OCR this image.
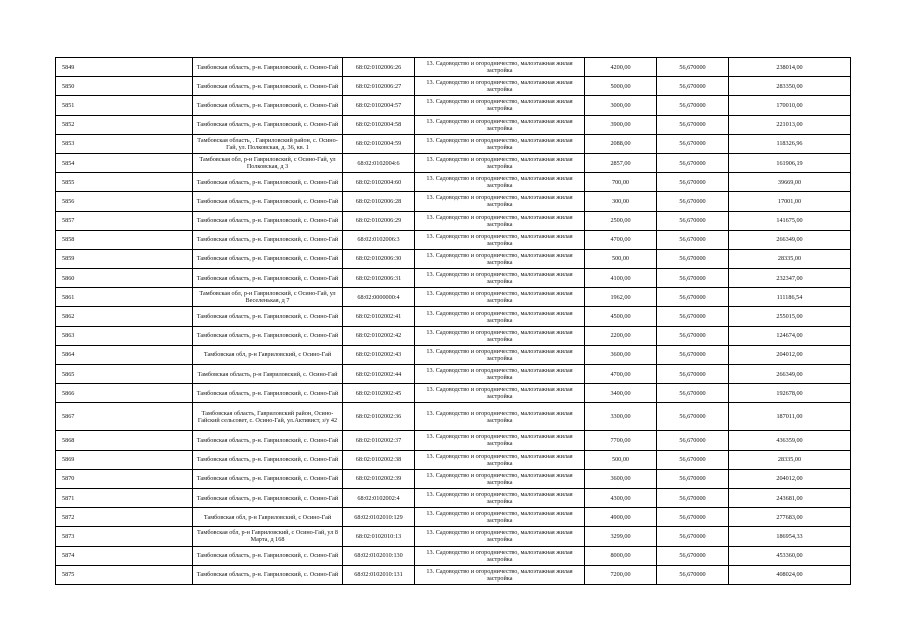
5849	Тамбовская область, р-н. Гавриловский, с. Осино-Гай	68:02:0102006:26	13. Садоводство и огородничество, малоэтажная жилая застройка	4200,00	56,670000	238014,00
5850	Тамбовская область, р-н. Гавриловский, с. Осино-Гай	68:02:0102006:27	13. Садоводство и огородничество, малоэтажная жилая застройка	5000,00	56,670000	283350,00
5851	Тамбовская область, р-н. Гавриловский, с. Осино-Гай	68:02:0102004:57	13. Садоводство и огородничество, малоэтажная жилая застройка	3000,00	56,670000	170010,00
5852	Тамбовская область, р-н. Гавриловский, с. Осино-Гай	68:02:0102004:58	13. Садоводство и огородничество, малоэтажная жилая застройка	3900,00	56,670000	221013,00
5853	Тамбовская область, . Гавриловский район, с. Осино-Гай, ул. Полковская, д. 36, кв. 1	68:02:0102004:59	13. Садоводство и огородничество, малоэтажная жилая застройка	2088,00	56,670000	118326,96
5854	Тамбовская обл, р-н Гавриловский, с Осино-Гай, ул Полковская, д 3	68:02:0102004:6	13. Садоводство и огородничество, малоэтажная жилая застройка	2857,00	56,670000	161906,19
5855	Тамбовская область, р-н. Гавриловский, с. Осино-Гай	68:02:0102004:60	13. Садоводство и огородничество, малоэтажная жилая застройка	700,00	56,670000	39669,00
5856	Тамбовская область, р-н. Гавриловский, с. Осино-Гай	68:02:0102006:28	13. Садоводство и огородничество, малоэтажная жилая застройка	300,00	56,670000	17001,00
5857	Тамбовская область, р-н. Гавриловский, с. Осино-Гай	68:02:0102006:29	13. Садоводство и огородничество, малоэтажная жилая застройка	2500,00	56,670000	141675,00
5858	Тамбовская область, р-н. Гавриловский, с. Осино-Гай	68:02:0102006:3	13. Садоводство и огородничество, малоэтажная жилая застройка	4700,00	56,670000	266349,00
5859	Тамбовская область, р-н. Гавриловский, с. Осино-Гай	68:02:0102006:30	13. Садоводство и огородничество, малоэтажная жилая застройка	500,00	56,670000	28335,00
5860	Тамбовская область, р-н. Гавриловский, с. Осино-Гай	68:02:0102006:31	13. Садоводство и огородничество, малоэтажная жилая застройка	4100,00	56,670000	232347,00
5861	Тамбовская обл, р-н Гавриловский, с Осино-Гай, ул Веселенькая, д 7	68:02:0000000:4	13. Садоводство и огородничество, малоэтажная жилая застройка	1962,00	56,670000	111186,54
5862	Тамбовская область, р-н. Гавриловский, с. Осино-Гай	68:02:0102002:41	13. Садоводство и огородничество, малоэтажная жилая застройка	4500,00	56,670000	255015,00
5863	Тамбовская область, р-н. Гавриловский, с. Осино-Гай	68:02:0102002:42	13. Садоводство и огородничество, малоэтажная жилая застройка	2200,00	56,670000	124674,00
5864	Тамбовская обл, р-н Гавриловский, с Осино-Гай	68:02:0102002:43	13. Садоводство и огородничество, малоэтажная жилая застройка	3600,00	56,670000	204012,00
5865	Тамбовская область, р-н Гавриловский, с. Осино-Гай	68:02:0102002:44	13. Садоводство и огородничество, малоэтажная жилая застройка	4700,00	56,670000	266349,00
5866	Тамбовская область, р-н. Гавриловский, с. Осино-Гай	68:02:0102002:45	13. Садоводство и огородничество, малоэтажная жилая застройка	3400,00	56,670000	192678,00
5867	Тамбовская область, Гавриловский район, Осино-Гайский сельсовет, с. Осино-Гай, ул.Активист, з/у 42	68:02:0102002:36	13. Садоводство и огородничество, малоэтажная жилая застройка	3300,00	56,670000	187011,00
5868	Тамбовская область, р-н. Гавриловский, с. Осино-Гай	68:02:0102002:37	13. Садоводство и огородничество, малоэтажная жилая застройка	7700,00	56,670000	436359,00
5869	Тамбовская область, р-н. Гавриловский, с. Осино-Гай	68:02:0102002:38	13. Садоводство и огородничество, малоэтажная жилая застройка	500,00	56,670000	28335,00
5870	Тамбовская область, р-н. Гавриловский, с. Осино-Гай	68:02:0102002:39	13. Садоводство и огородничество, малоэтажная жилая застройка	3600,00	56,670000	204012,00
5871	Тамбовская область, р-н. Гавриловский, с. Осино-Гай	68:02:0102002:4	13. Садоводство и огородничество, малоэтажная жилая застройка	4300,00	56,670000	243681,00
5872	Тамбовская обл, р-н Гавриловский, с Осино-Гай	68:02:0102010:129	13. Садоводство и огородничество, малоэтажная жилая застройка	4900,00	56,670000	277683,00
5873	Тамбовская обл, р-н Гавриловский, с Осино-Гай, ул 8 Марта, д 168	68:02:0102010:13	13. Садоводство и огородничество, малоэтажная жилая застройка	3299,00	56,670000	186954,33
5874	Тамбовская область, р-н. Гавриловский, с. Осино-Гай	68:02:0102010:130	13. Садоводство и огородничество, малоэтажная жилая застройка	8000,00	56,670000	453360,00
5875	Тамбовская область, р-н. Гавриловский, с. Осино-Гай	68:02:0102010:131	13. Садоводство и огородничество, малоэтажная жилая застройка	7200,00	56,670000	408024,00
